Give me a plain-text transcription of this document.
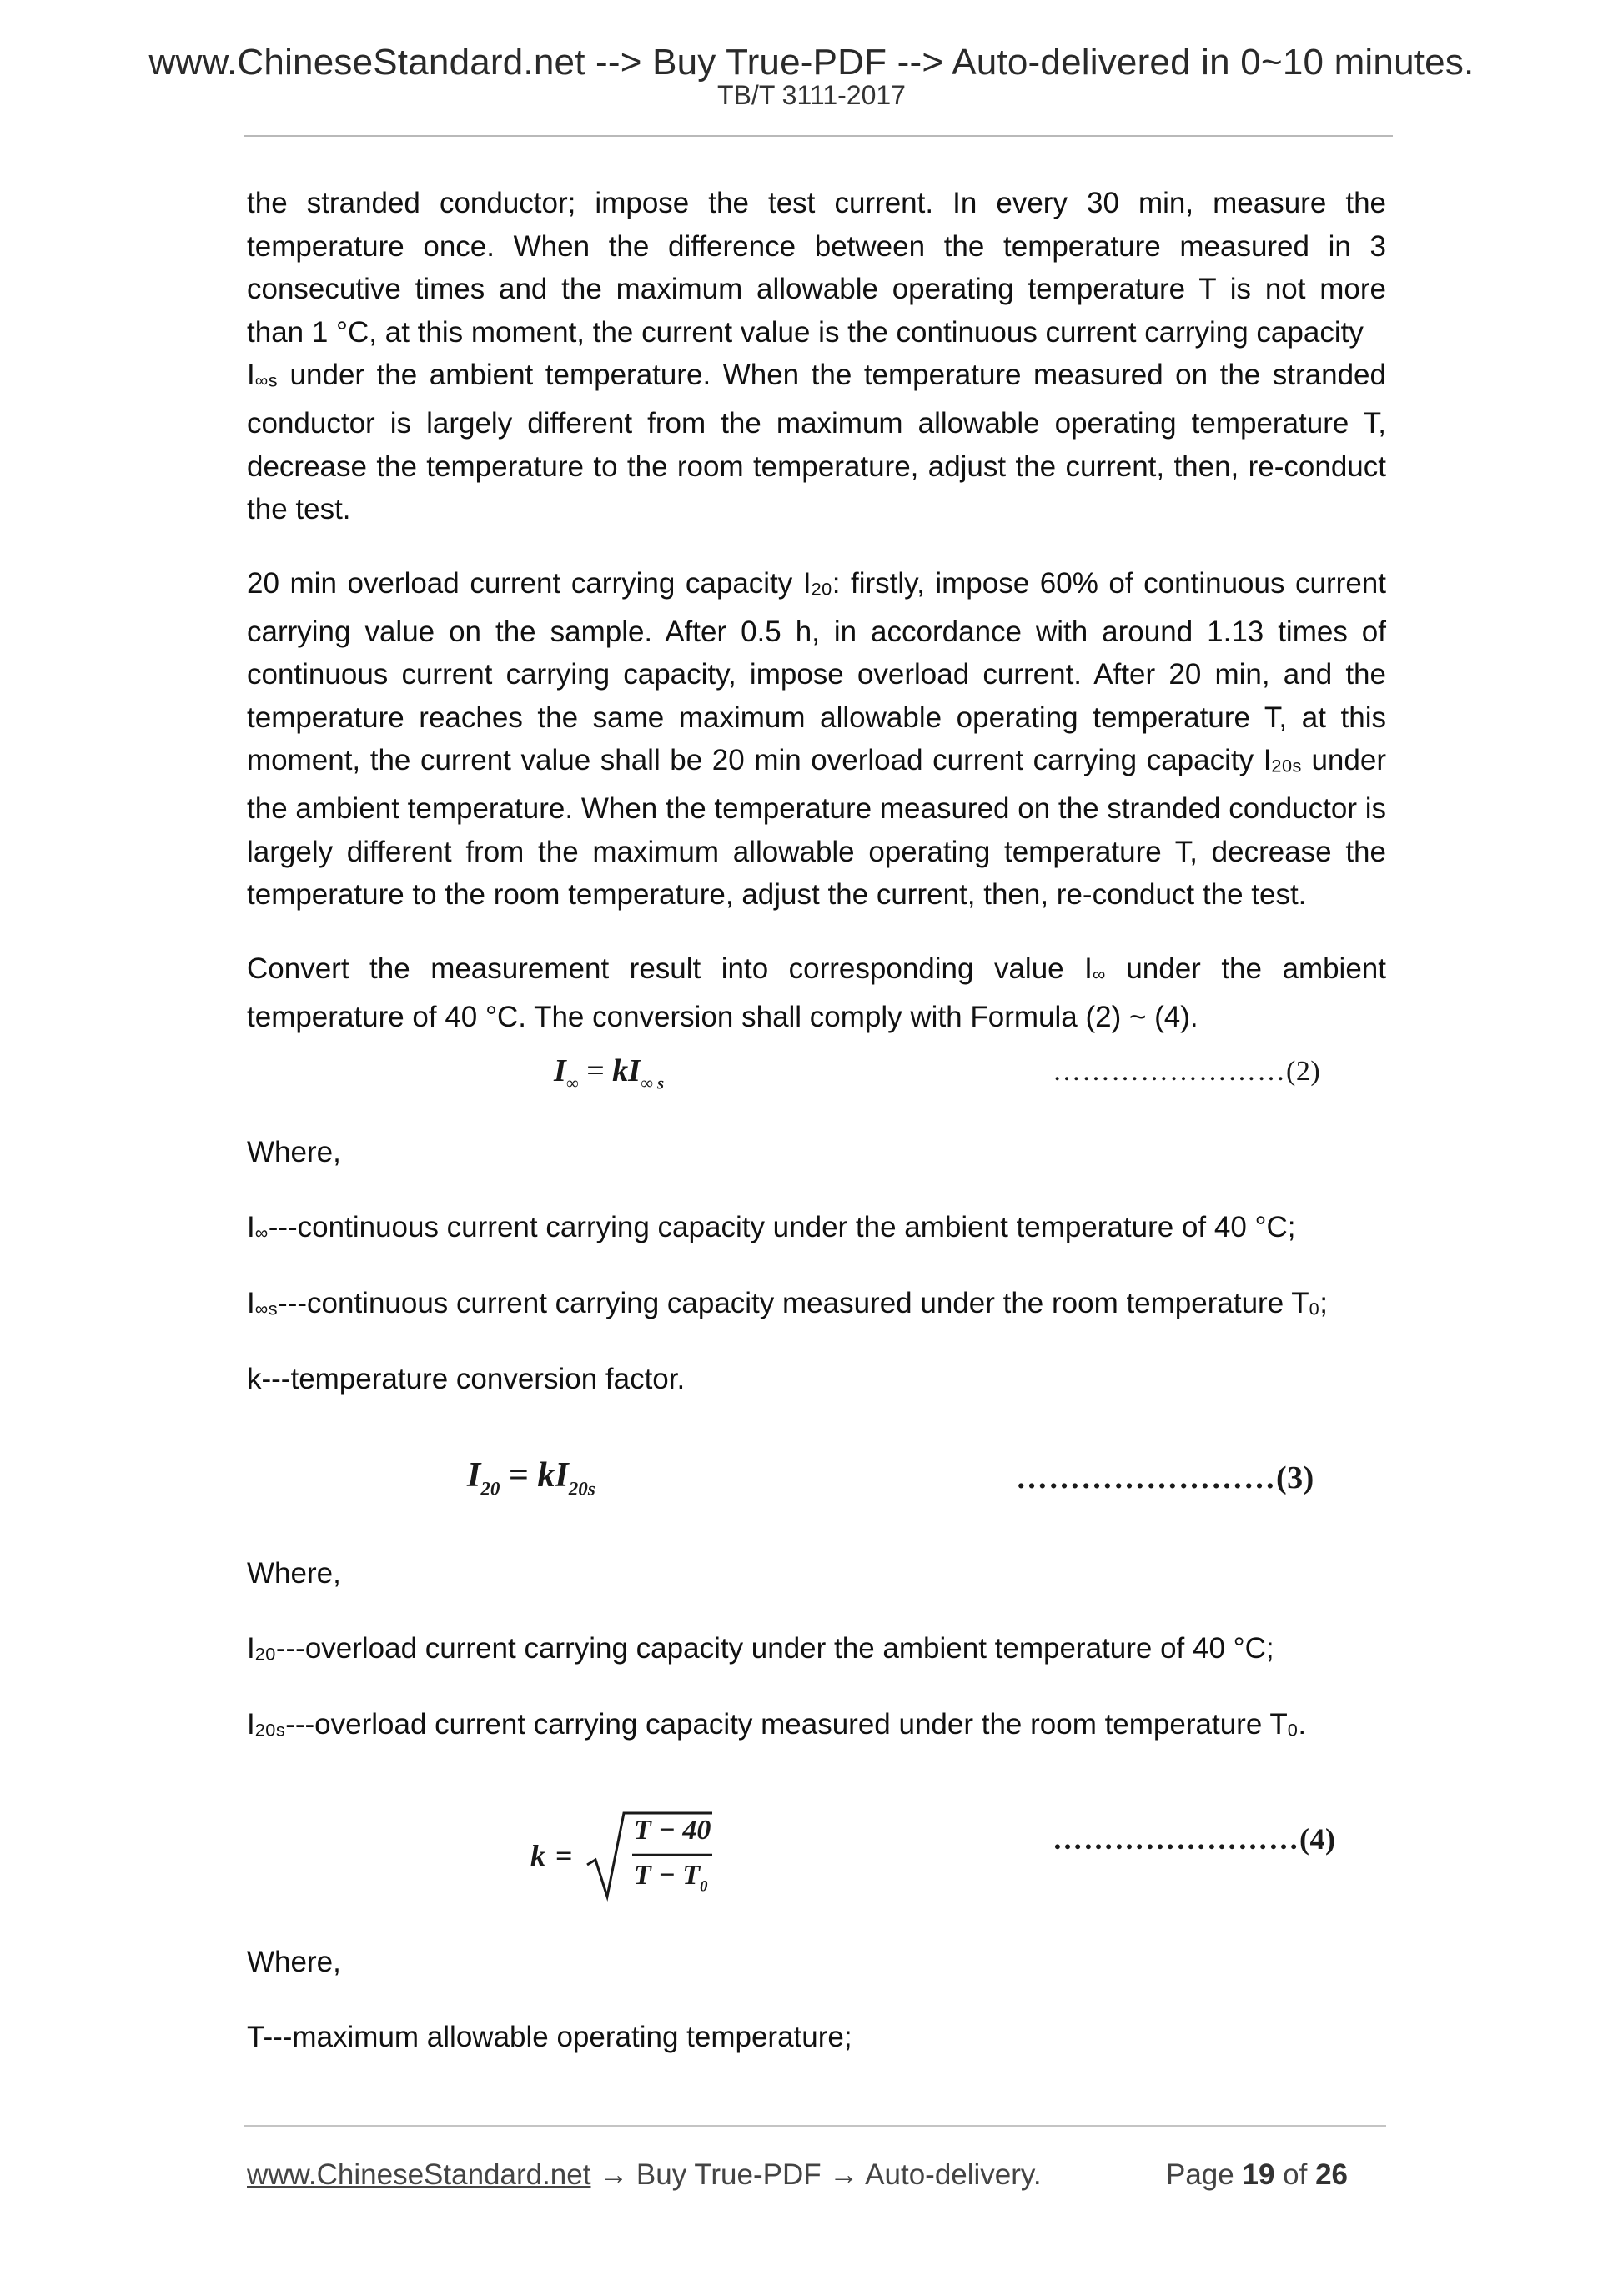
www.ChineseStandard.net --> Buy True-PDF --> Auto-delivered in 0~10 minutes.
TB/T 3111-2017

the stranded conductor; impose the test current. In every 30 min, measure the temperature once. When the difference between the temperature measured in 3 consecutive times and the maximum allowable operating temperature T is not more than 1 °C, at this moment, the current value is the continuous current carrying capacity
I∞s under the ambient temperature. When the temperature measured on the stranded conductor is largely different from the maximum allowable operating temperature T, decrease the temperature to the room temperature, adjust the current, then, re-conduct the test.

20 min overload current carrying capacity I20: firstly, impose 60% of continuous current carrying value on the sample. After 0.5 h, in accordance with around 1.13 times of continuous current carrying capacity, impose overload current. After 20 min, and the temperature reaches the same maximum allowable operating temperature T, at this moment, the current value shall be 20 min overload current carrying capacity I20s under the ambient temperature. When the temperature measured on the stranded conductor is largely different from the maximum allowable operating temperature T, decrease the temperature to the room temperature, adjust the current, then, re-conduct the test.

Convert the measurement result into corresponding value I∞ under the ambient temperature of 40 °C. The conversion shall comply with Formula (2) ~ (4).

$I_\infty = kI_{\infty s}$	……………………(2)

Where,

I∞---continuous current carrying capacity under the ambient temperature of 40 °C;

I∞s---continuous current carrying capacity measured under the room temperature T0;

k---temperature conversion factor.

$I_{20} = kI_{20s}$	……………………(3)

Where,

I20---overload current carrying capacity under the ambient temperature of 40 °C;

I20s---overload current carrying capacity measured under the room temperature T0.

k =
T − 40
$T - T_0$
……………………(4)

Where,

T---maximum allowable operating temperature;

www.ChineseStandard.net → Buy True-PDF → Auto-delivery.	Page 19 of 26
